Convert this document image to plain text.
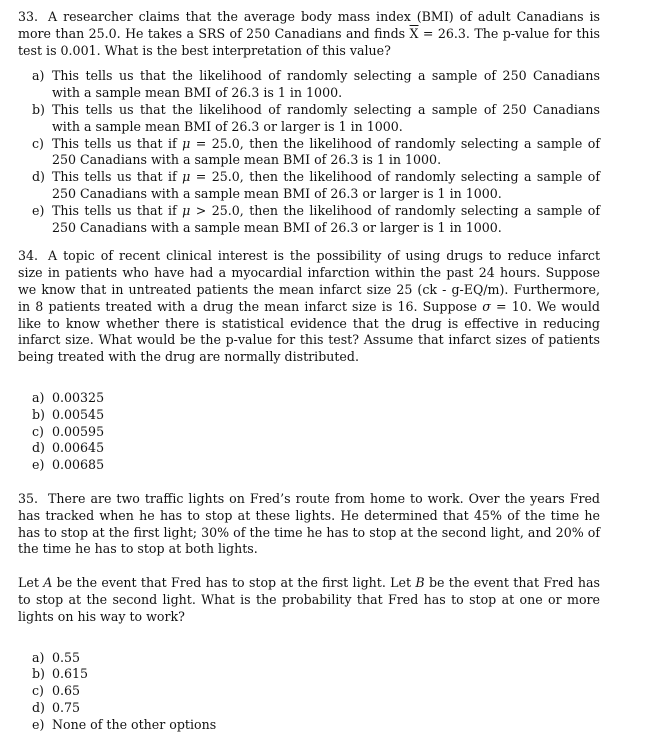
33. A researcher claims that the average body mass index (BMI) of adult Canadians is more than 25.0. He takes a SRS of 250 Canadians and finds $\overline{X} = 26.3$. The p-value for this test is 0.001. What is the best interpretation of this value?

a) This tells us that the likelihood of randomly selecting a sample of 250 Canadians with a sample mean BMI of 26.3 is 1 in 1000.
b) This tells us that the likelihood of randomly selecting a sample of 250 Canadians with a sample mean BMI of 26.3 or larger is 1 in 1000.
c) This tells us that if μ = 25.0, then the likelihood of randomly selecting a sample of 250 Canadians with a sample mean BMI of 26.3 is 1 in 1000.
d) This tells us that if μ = 25.0, then the likelihood of randomly selecting a sample of 250 Canadians with a sample mean BMI of 26.3 or larger is 1 in 1000.
e) This tells us that if μ > 25.0, then the likelihood of randomly selecting a sample of 250 Canadians with a sample mean BMI of 26.3 or larger is 1 in 1000.

34. A topic of recent clinical interest is the possibility of using drugs to reduce infarct size in patients who have had a myocardial infarction within the past 24 hours. Suppose we know that in untreated patients the mean infarct size 25 (ck - g-EQ/m). Furthermore, in 8 patients treated with a drug the mean infarct size is 16. Suppose σ = 10. We would like to know whether there is statistical evidence that the drug is effective in reducing infarct size. What would be the p-value for this test? Assume that infarct sizes of patients being treated with the drug are normally distributed.

a) 0.00325
b) 0.00545
c) 0.00595
d) 0.00645
e) 0.00685

35. There are two traffic lights on Fred’s route from home to work. Over the years Fred has tracked when he has to stop at these lights. He determined that 45% of the time he has to stop at the first light; 30% of the time he has to stop at the second light, and 20% of the time he has to stop at both lights.

Let A be the event that Fred has to stop at the first light. Let B be the event that Fred has to stop at the second light. What is the probability that Fred has to stop at one or more lights on his way to work?

a) 0.55
b) 0.615
c) 0.65
d) 0.75
e) None of the other options
